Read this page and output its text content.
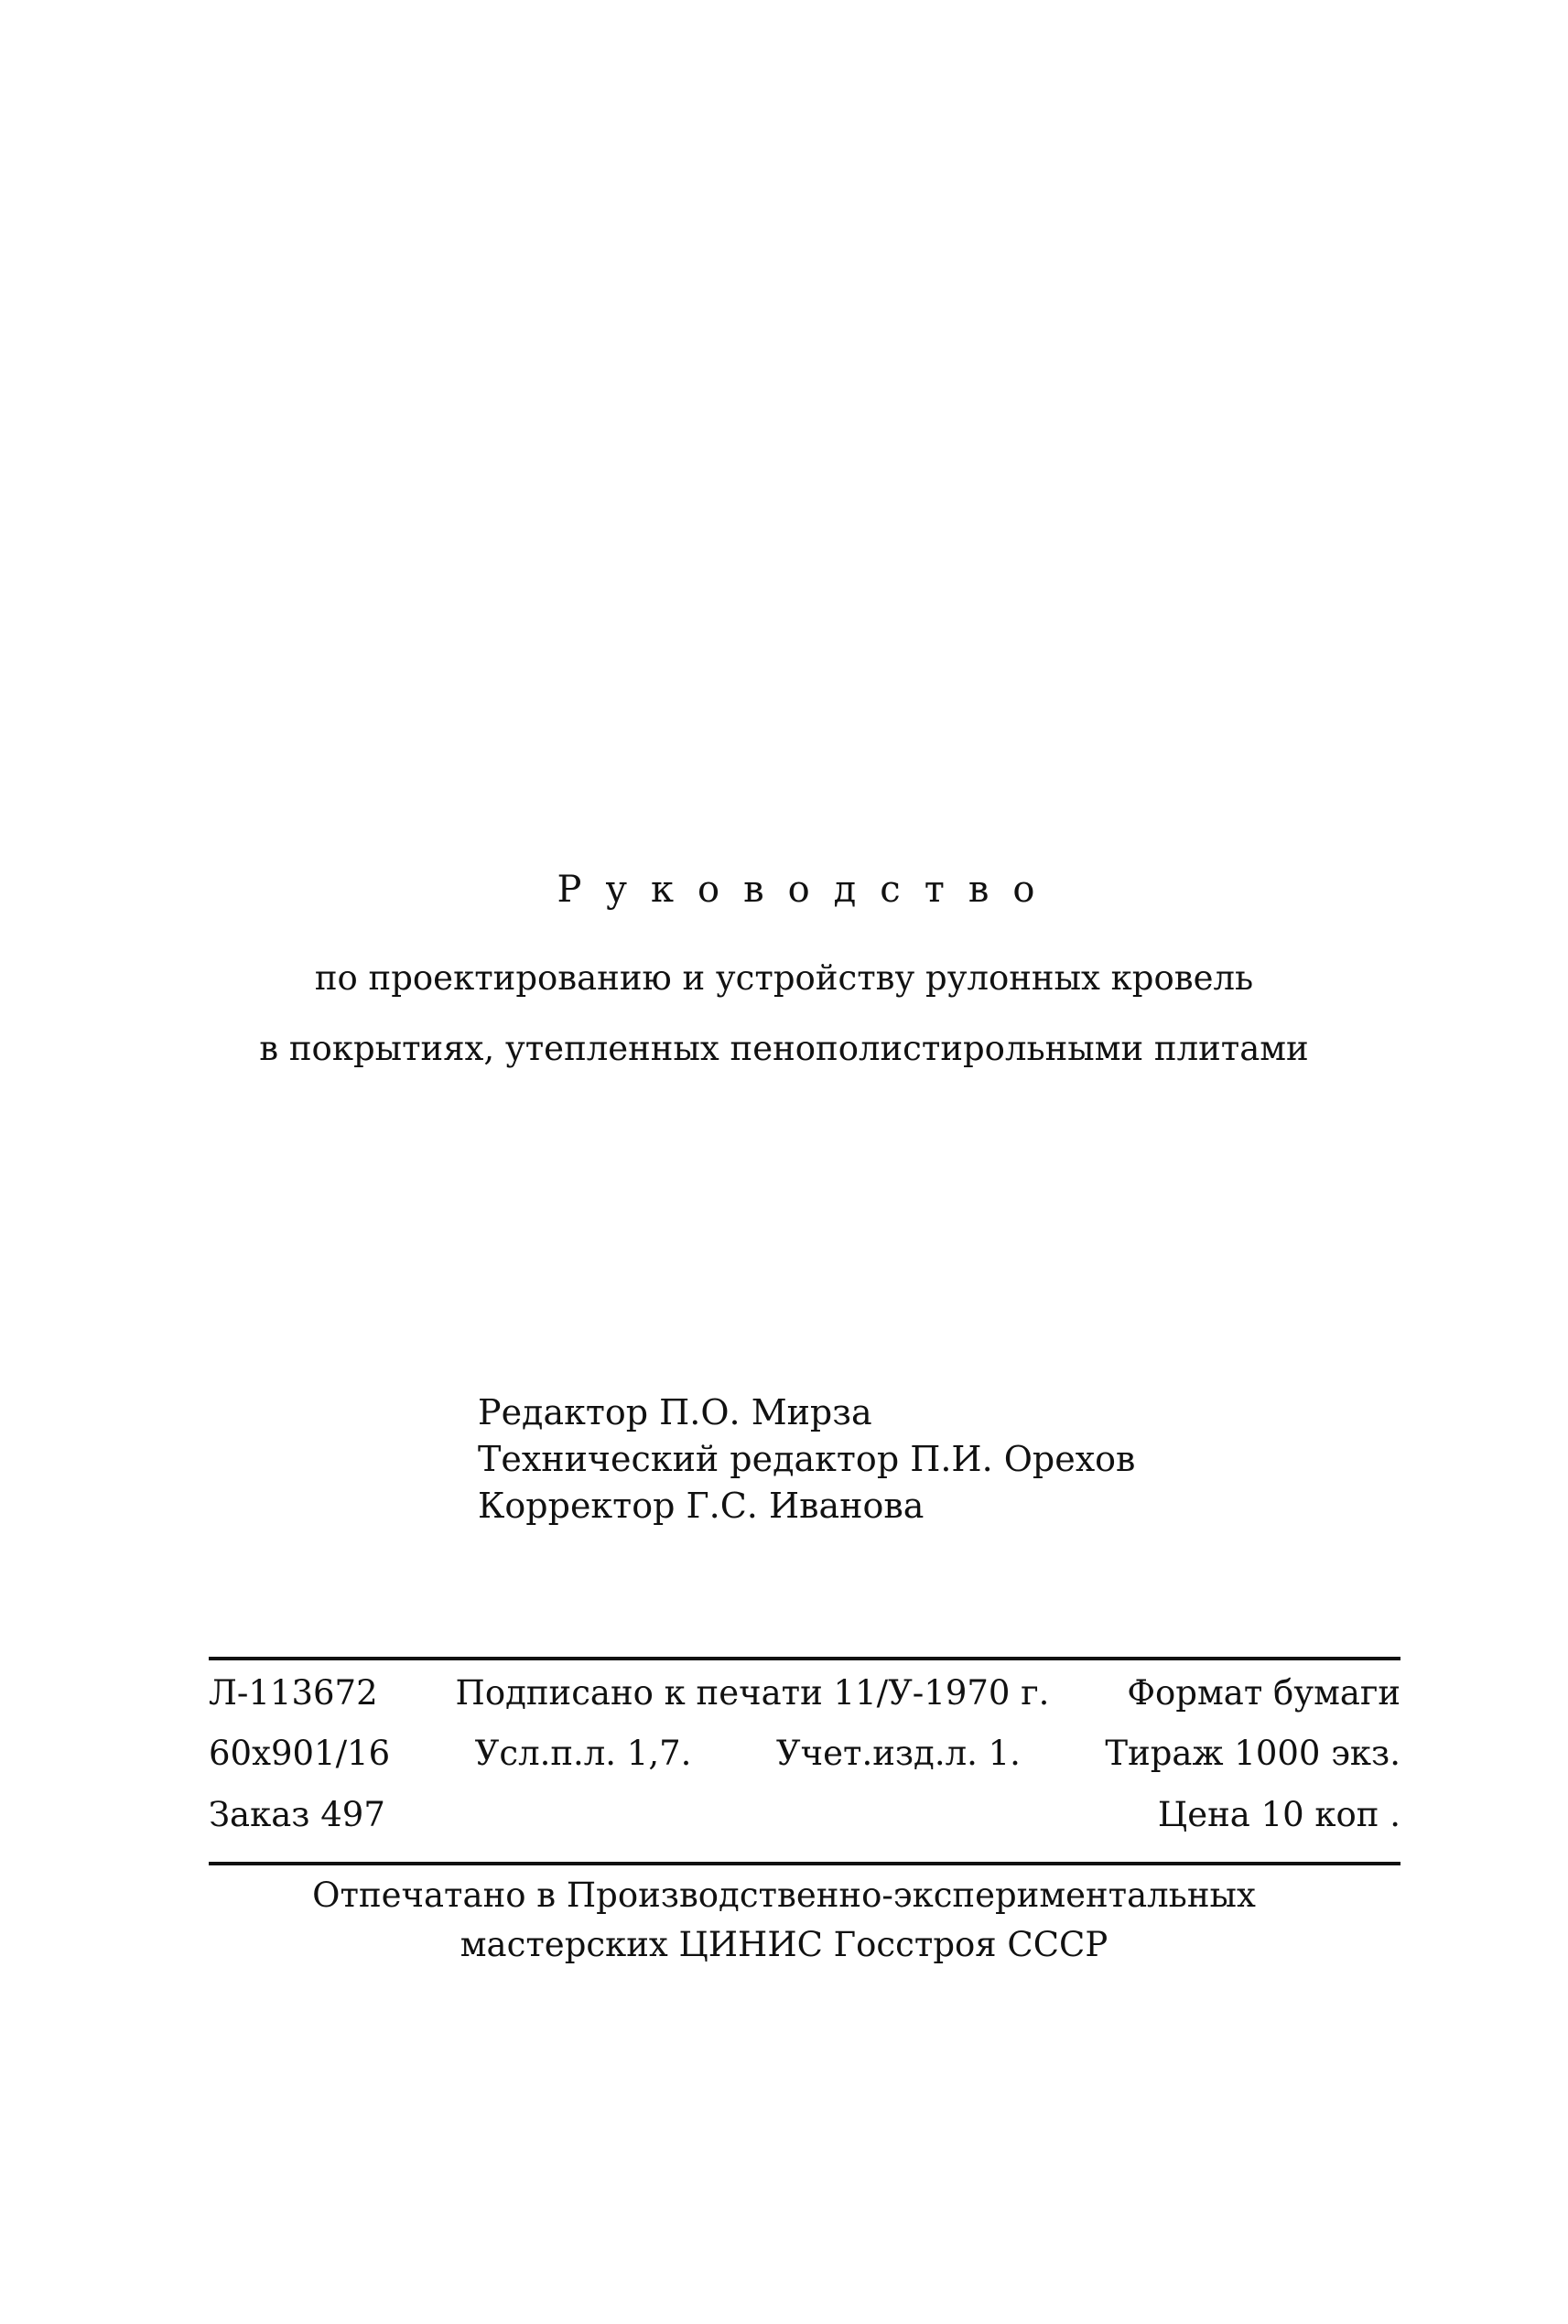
Руководство
по проектированию и устройству рулонных кровель
в покрытиях, утепленных пенополистирольными плитами
Редактор П.О. Мирза
Технический редактор П.И. Орехов
Корректор Г.С. Иванова
Л-113672 Подписано к печати 11/У-1970 г. Формат бумаги
60х901/16 Усл.п.л. 1,7. Учет.изд.л. 1. Тираж 1000 экз.
Заказ 497	Цена 10 коп .
Отпечатано в Производственно-экспериментальных
мастерских ЦИНИС Госстроя СССР
